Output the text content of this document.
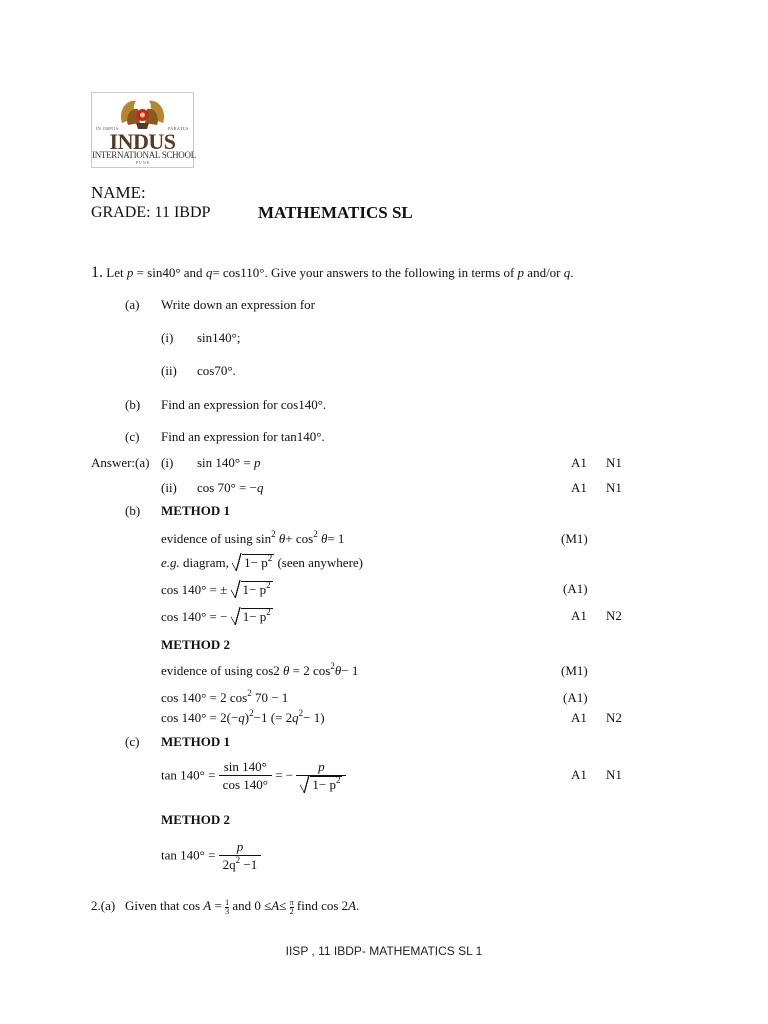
IN OMNIA	PARATUS
INDUS
INTERNATIONAL SCHOOL
P U N E
NAME:
GRADE: 11 IBDP	MATHEMATICS SL
1. Let p = sin40° and q= cos110°. Give your answers to the following in terms of p and/or q.
(a) Write down an expression for
(i) sin140°;
(ii) cos70°.
(b) Find an expression for cos140°.
(c) Find an expression for tan140°.
Answer:(a) (i) sin 140° = p	A1 N1
(ii) cos 70° = −q	A1 N1
(b) METHOD 1
evidence of using $\sin^2 \theta+ \cos^2 \theta= 1$	(M1)
e.g. diagram, $1- p^2$ (seen anywhere)
cos 140° = ± $1- p^2$	(A1)
cos 140° = − $1- p^2$	A1 N2
METHOD 2
evidence of using cos2 θ = 2 $\cos^2\theta- 1$	(M1)
cos 140° = 2 $\cos^2 70 - 1$	(A1)
$\cos 140^\circ = 2(-q)^2-1$ (= $2q^2- 1$)	A1 N2
(c) METHOD 1
$\tan 140^\circ = \frac{\sin 140^\circ}{\cos 140^\circ}$ = − $\frac{p}{1- p^2}$	A1 N1
METHOD 2
$\tan 140^\circ = \frac{p}{2q^2 -1}$
2.(a) Given that $\cos A = \frac{1}{3}$ and $0 \le A\le \frac{\pi}{2}$ find cos 2A.
IISP , 11 IBDP- MATHEMATICS SL 1
